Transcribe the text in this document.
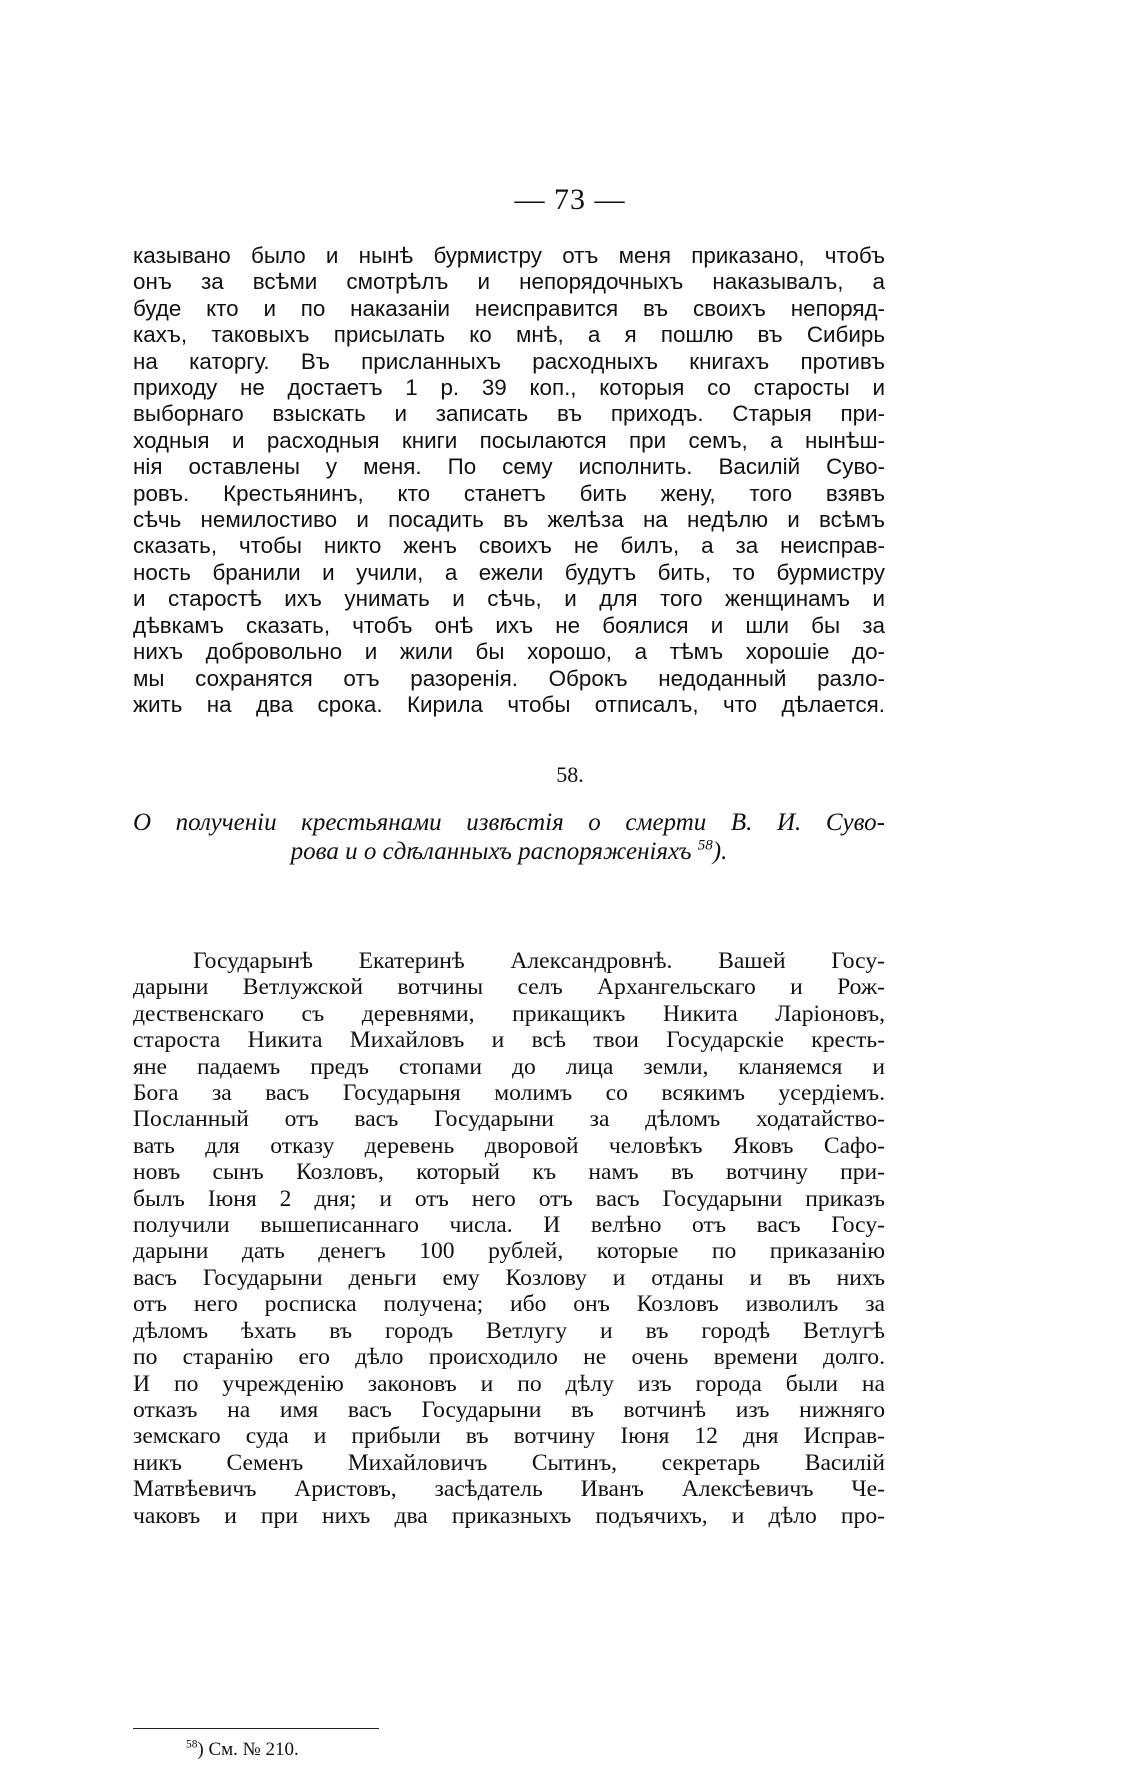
— 73 —

казывано было и нынѣ бурмистру отъ меня приказано, чтобъ
онъ за всѣми смотрѣлъ и непорядочныхъ наказывалъ, а
буде кто и по наказанiи неисправится въ своихъ непоряд-
кахъ, таковыхъ присылать ко мнѣ, а я пошлю въ Сибирь
на каторгу. Въ присланныхъ расходныхъ книгахъ противъ
приходу не достаетъ 1 р. 39 коп., которыя со старосты и
выборнаго взыскать и записать въ приходъ. Старыя при-
ходныя и расходныя книги посылаются при семъ, а нынѣш-
нiя оставлены у меня. По сему исполнить. Василiй Суво-
ровъ. Крестьянинъ, кто станетъ бить жену, того взявъ
сѣчь немилостиво и посадить въ желѣза на недѣлю и всѣмъ
сказать, чтобы никто женъ своихъ не билъ, а за неисправ-
ность бранили и учили, а ежели будутъ бить, то бурмистру
и старостѣ ихъ унимать и сѣчь, и для того женщинамъ и
дѣвкамъ сказать, чтобъ онѣ ихъ не боялися и шли бы за
нихъ добровольно и жили бы хорошо, а тѣмъ хорошiе до-
мы сохранятся отъ разоренiя. Оброкъ недоданный разло-
жить на два срока. Кирила чтобы отписалъ, что дѣлается.

58.

О полученiи крестьянами извѣстiя о смерти В. И. Суво-
рова и о сдѣланныхъ распоряженiяхъ $^{58}$).

Государынѣ Екатеринѣ Александровнѣ. Вашей Госу-
дарыни Ветлужской вотчины селъ Архангельскаго и Рож-
дественскаго съ деревнями, прикащикъ Никита Ларiоновъ,
староста Никита Михайловъ и всѣ твои Государскiе кресть-
яне падаемъ предъ стопами до лица земли, кланяемся и
Бога за васъ Государыня молимъ со всякимъ усердiемъ.
Посланный отъ васъ Государыни за дѣломъ ходатайство-
вать для отказу деревень дворовой человѣкъ Яковъ Сафо-
новъ сынъ Козловъ, который къ намъ въ вотчину при-
былъ Iюня 2 дня; и отъ него отъ васъ Государыни приказъ
получили вышеписаннаго числа. И велѣно отъ васъ Госу-
дарыни дать денегъ 100 рублей, которые по приказанiю
васъ Государыни деньги ему Козлову и отданы и въ нихъ
отъ него росписка получена; ибо онъ Козловъ изволилъ за
дѣломъ ѣхать въ городъ Ветлугу и въ городѣ Ветлугѣ
по стаpанiю его дѣло происходило не очень времени долго.
И по учрежденiю законовъ и по дѣлу изъ города были на
отказъ на имя васъ Государыни въ вотчинѣ изъ нижняго
земскаго суда и прибыли въ вотчину Iюня 12 дня Исправ-
никъ Семенъ Михайловичъ Сытинъ, секретарь Василiй
Матвѣевичъ Аристовъ, засѣдатель Иванъ Алексѣевичъ Че-
чаковъ и при нихъ два приказныхъ подъячихъ, и дѣло про-

$^{58}$) См. № 210.
